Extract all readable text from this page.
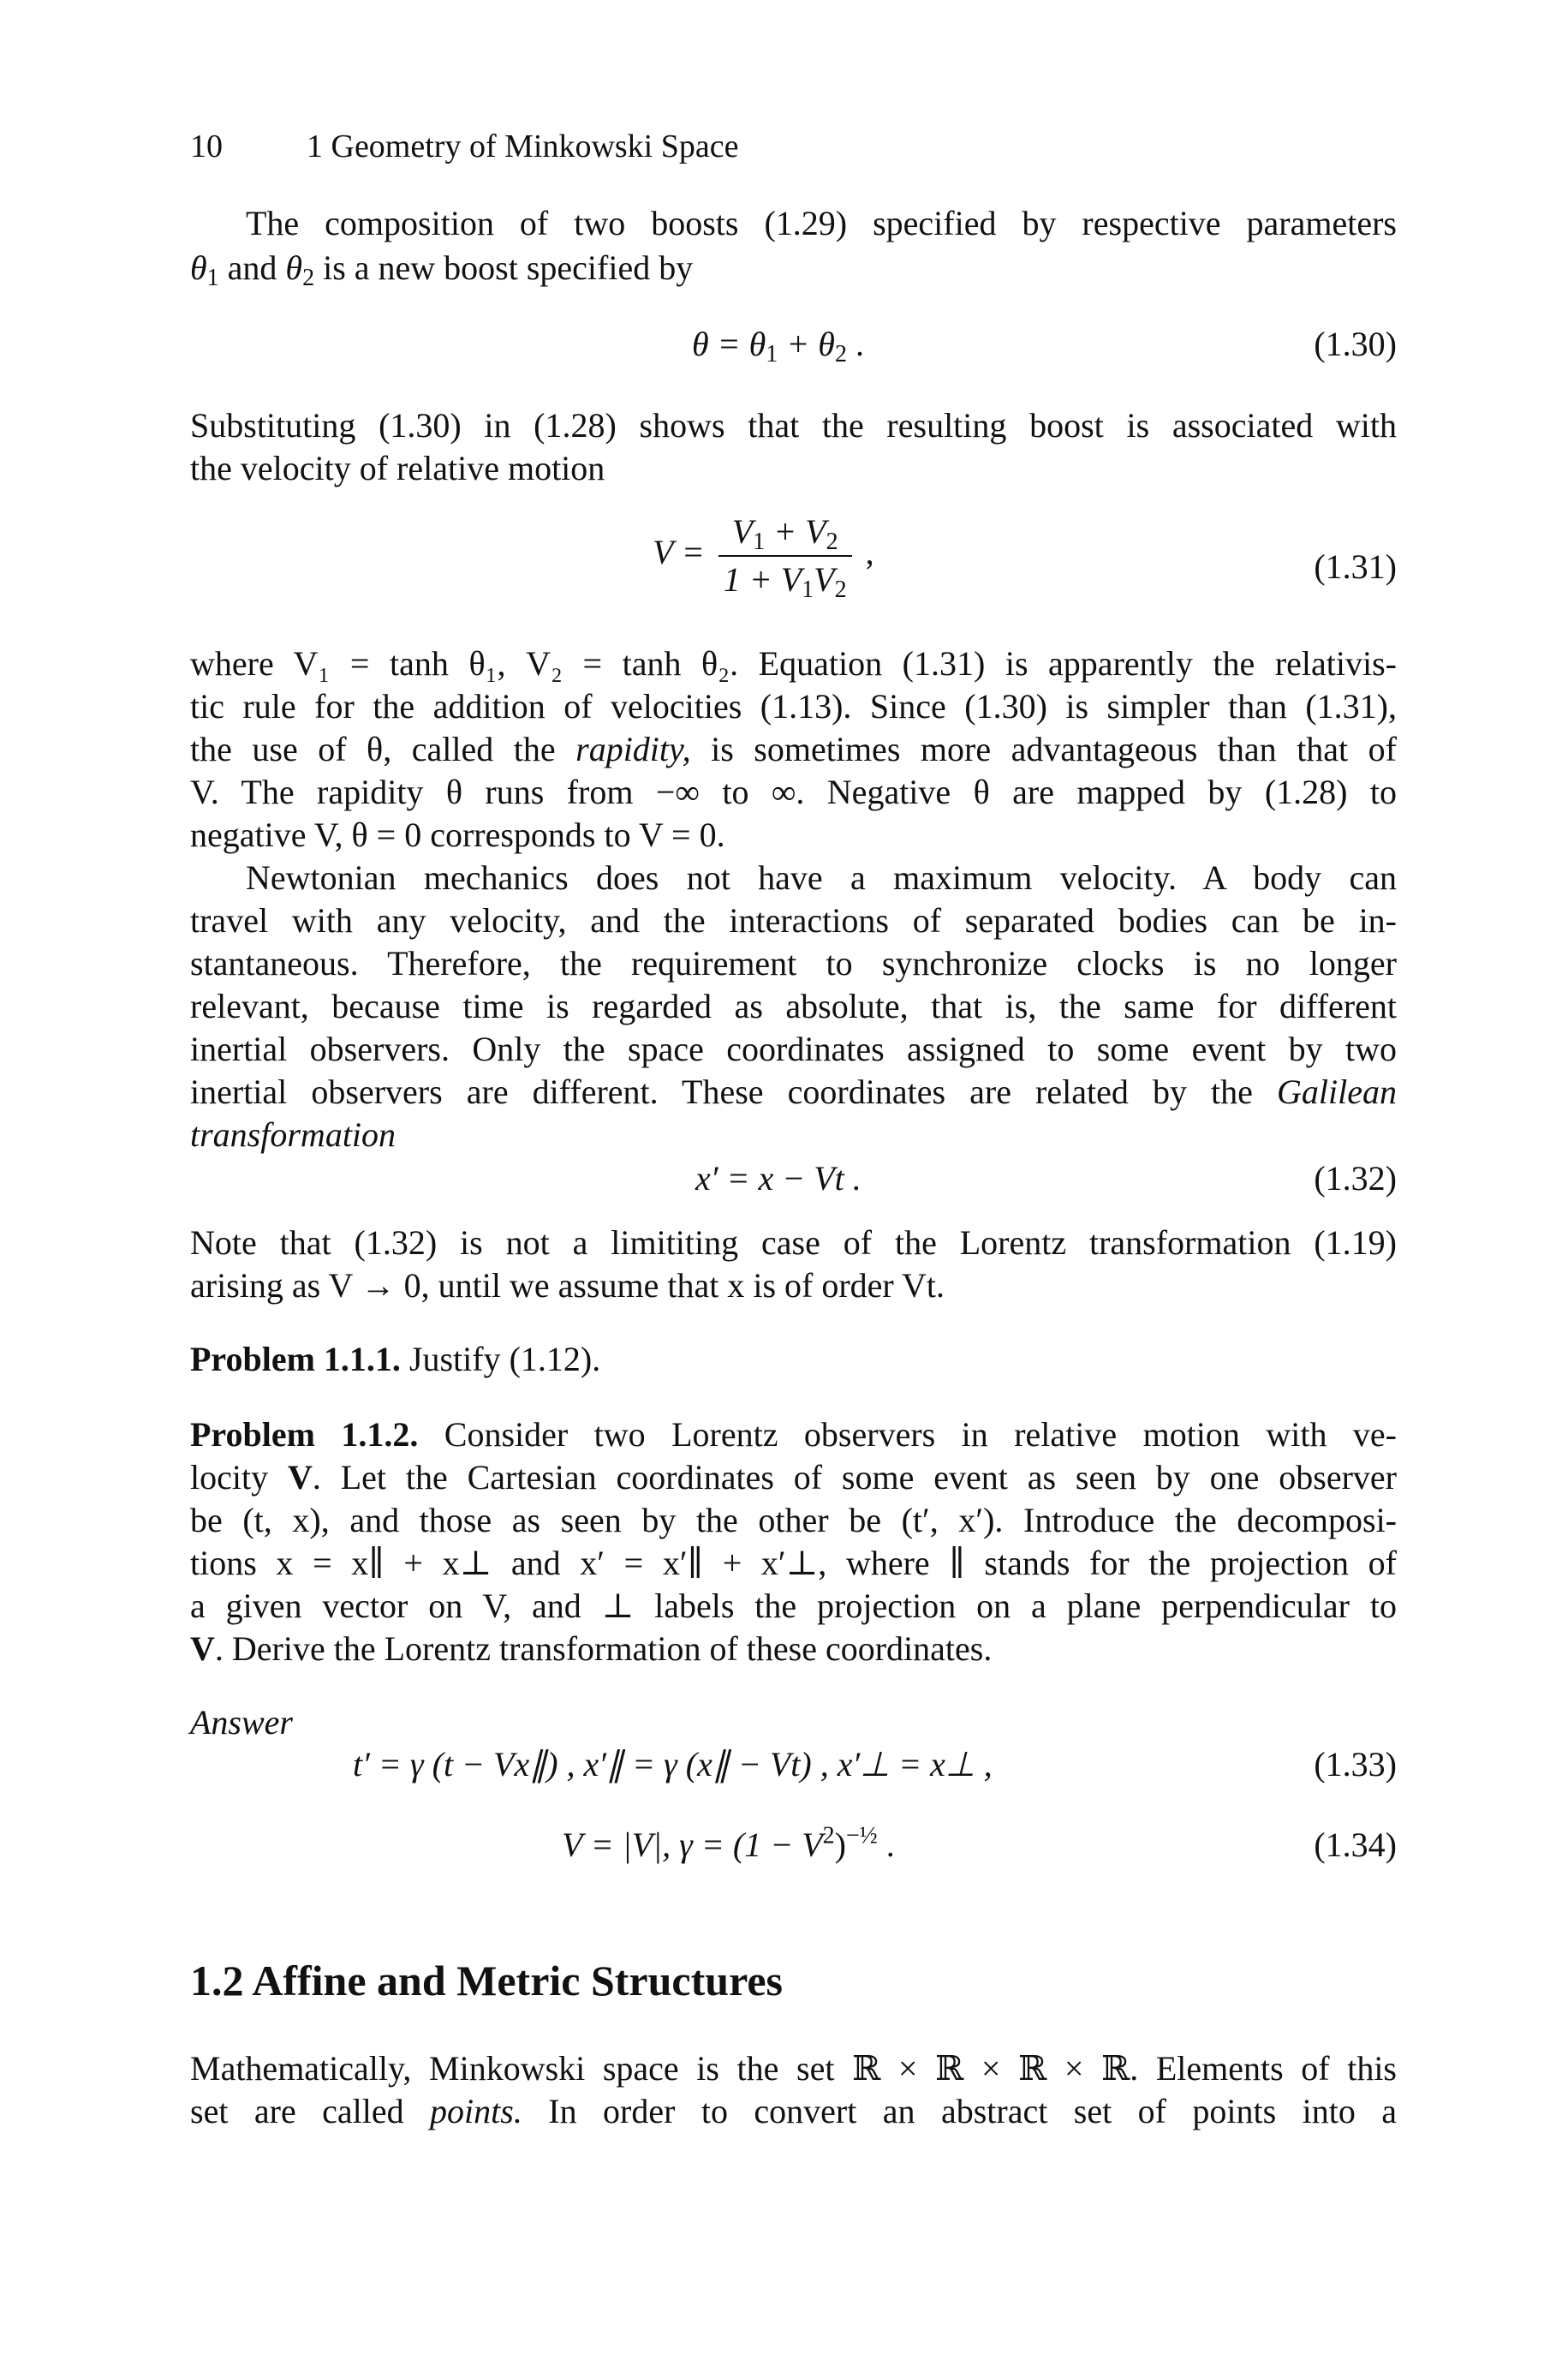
10	1 Geometry of Minkowski Space
The composition of two boosts (1.29) specified by respective parameters
$\theta_1$ and $\theta_2$ is a new boost specified by
$\theta = \theta_1 + \theta_2$ .	(1.30)
Substituting (1.30) in (1.28) shows that the resulting boost is associated with
the velocity of relative motion
$V = \frac{V_1 + V_2}{1 + V_1V_2}$ ,	(1.31)
where V₁ = tanh θ₁, V₂ = tanh θ₂. Equation (1.31) is apparently the relativis-
tic rule for the addition of velocities (1.13). Since (1.30) is simpler than (1.31),
the use of θ, called the rapidity, is sometimes more advantageous than that of
V. The rapidity θ runs from −∞ to ∞. Negative θ are mapped by (1.28) to
negative V, θ = 0 corresponds to V = 0.
Newtonian mechanics does not have a maximum velocity. A body can
travel with any velocity, and the interactions of separated bodies can be in-
stantaneous. Therefore, the requirement to synchronize clocks is no longer
relevant, because time is regarded as absolute, that is, the same for different
inertial observers. Only the space coordinates assigned to some event by two
inertial observers are different. These coordinates are related by the Galilean
transformation
x′ = x − Vt .	(1.32)
Note that (1.32) is not a limititing case of the Lorentz transformation (1.19)
arising as V → 0, until we assume that x is of order Vt.
Problem 1.1.1. Justify (1.12).
Problem 1.1.2. Consider two Lorentz observers in relative motion with ve-
locity V. Let the Cartesian coordinates of some event as seen by one observer
be (t, x), and those as seen by the other be (t′, x′). Introduce the decomposi-
tions x = x∥ + x⊥ and x′ = x′∥ + x′⊥, where ∥ stands for the projection of
a given vector on V, and ⊥ labels the projection on a plane perpendicular to
V. Derive the Lorentz transformation of these coordinates.
Answer
t′ = γ (t − Vx∥) , x′∥ = γ (x∥ − Vt) , x′⊥ = x⊥ ,	(1.33)
V = |V|, $\gamma = (1 - V^2)^{-\frac{1}{2}}$ .	(1.34)
1.2 Affine and Metric Structures
Mathematically, Minkowski space is the set ℝ × ℝ × ℝ × ℝ. Elements of this
set are called points. In order to convert an abstract set of points into a
